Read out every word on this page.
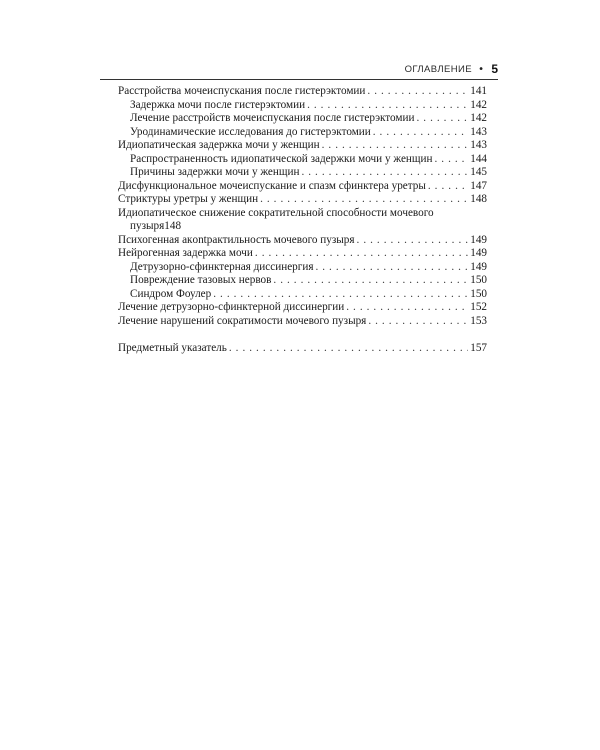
ОГЛАВЛЕНИЕ • 5
Расстройства мочеиспускания после гистерэктомии . . .	141
Задержка мочи после гистерэктомии . . .	142
Лечение расстройств мочеиспускания после гистерэктомии . . .	142
Уродинамические исследования до гистерэктомии . . .	143
Идиопатическая задержка мочи у женщин . . .	143
Распространенность идиопатической задержки мочи у женщин . . .	144
Причины задержки мочи у женщин . . .	145
Дисфункциональное мочеиспускание и спазм сфинктера уретры . . .	147
Стриктуры уретры у женщин . . .	148
Идиопатическое снижение сократительной способности мочевого
пузыря 148
Психогенная акontрактильность мочевого пузыря . . .	149
Нейрогенная задержка мочи . . .	149
Детрузорно-сфинктерная диссинергия . . .	149
Повреждение тазовых нервов . . .	150
Синдром Фоулер . . .	150
Лечение детрузорно-сфинктерной диссинергии . . .	152
Лечение нарушений сократимости мочевого пузыря . . .	153
Предметный указатель . . .	157
